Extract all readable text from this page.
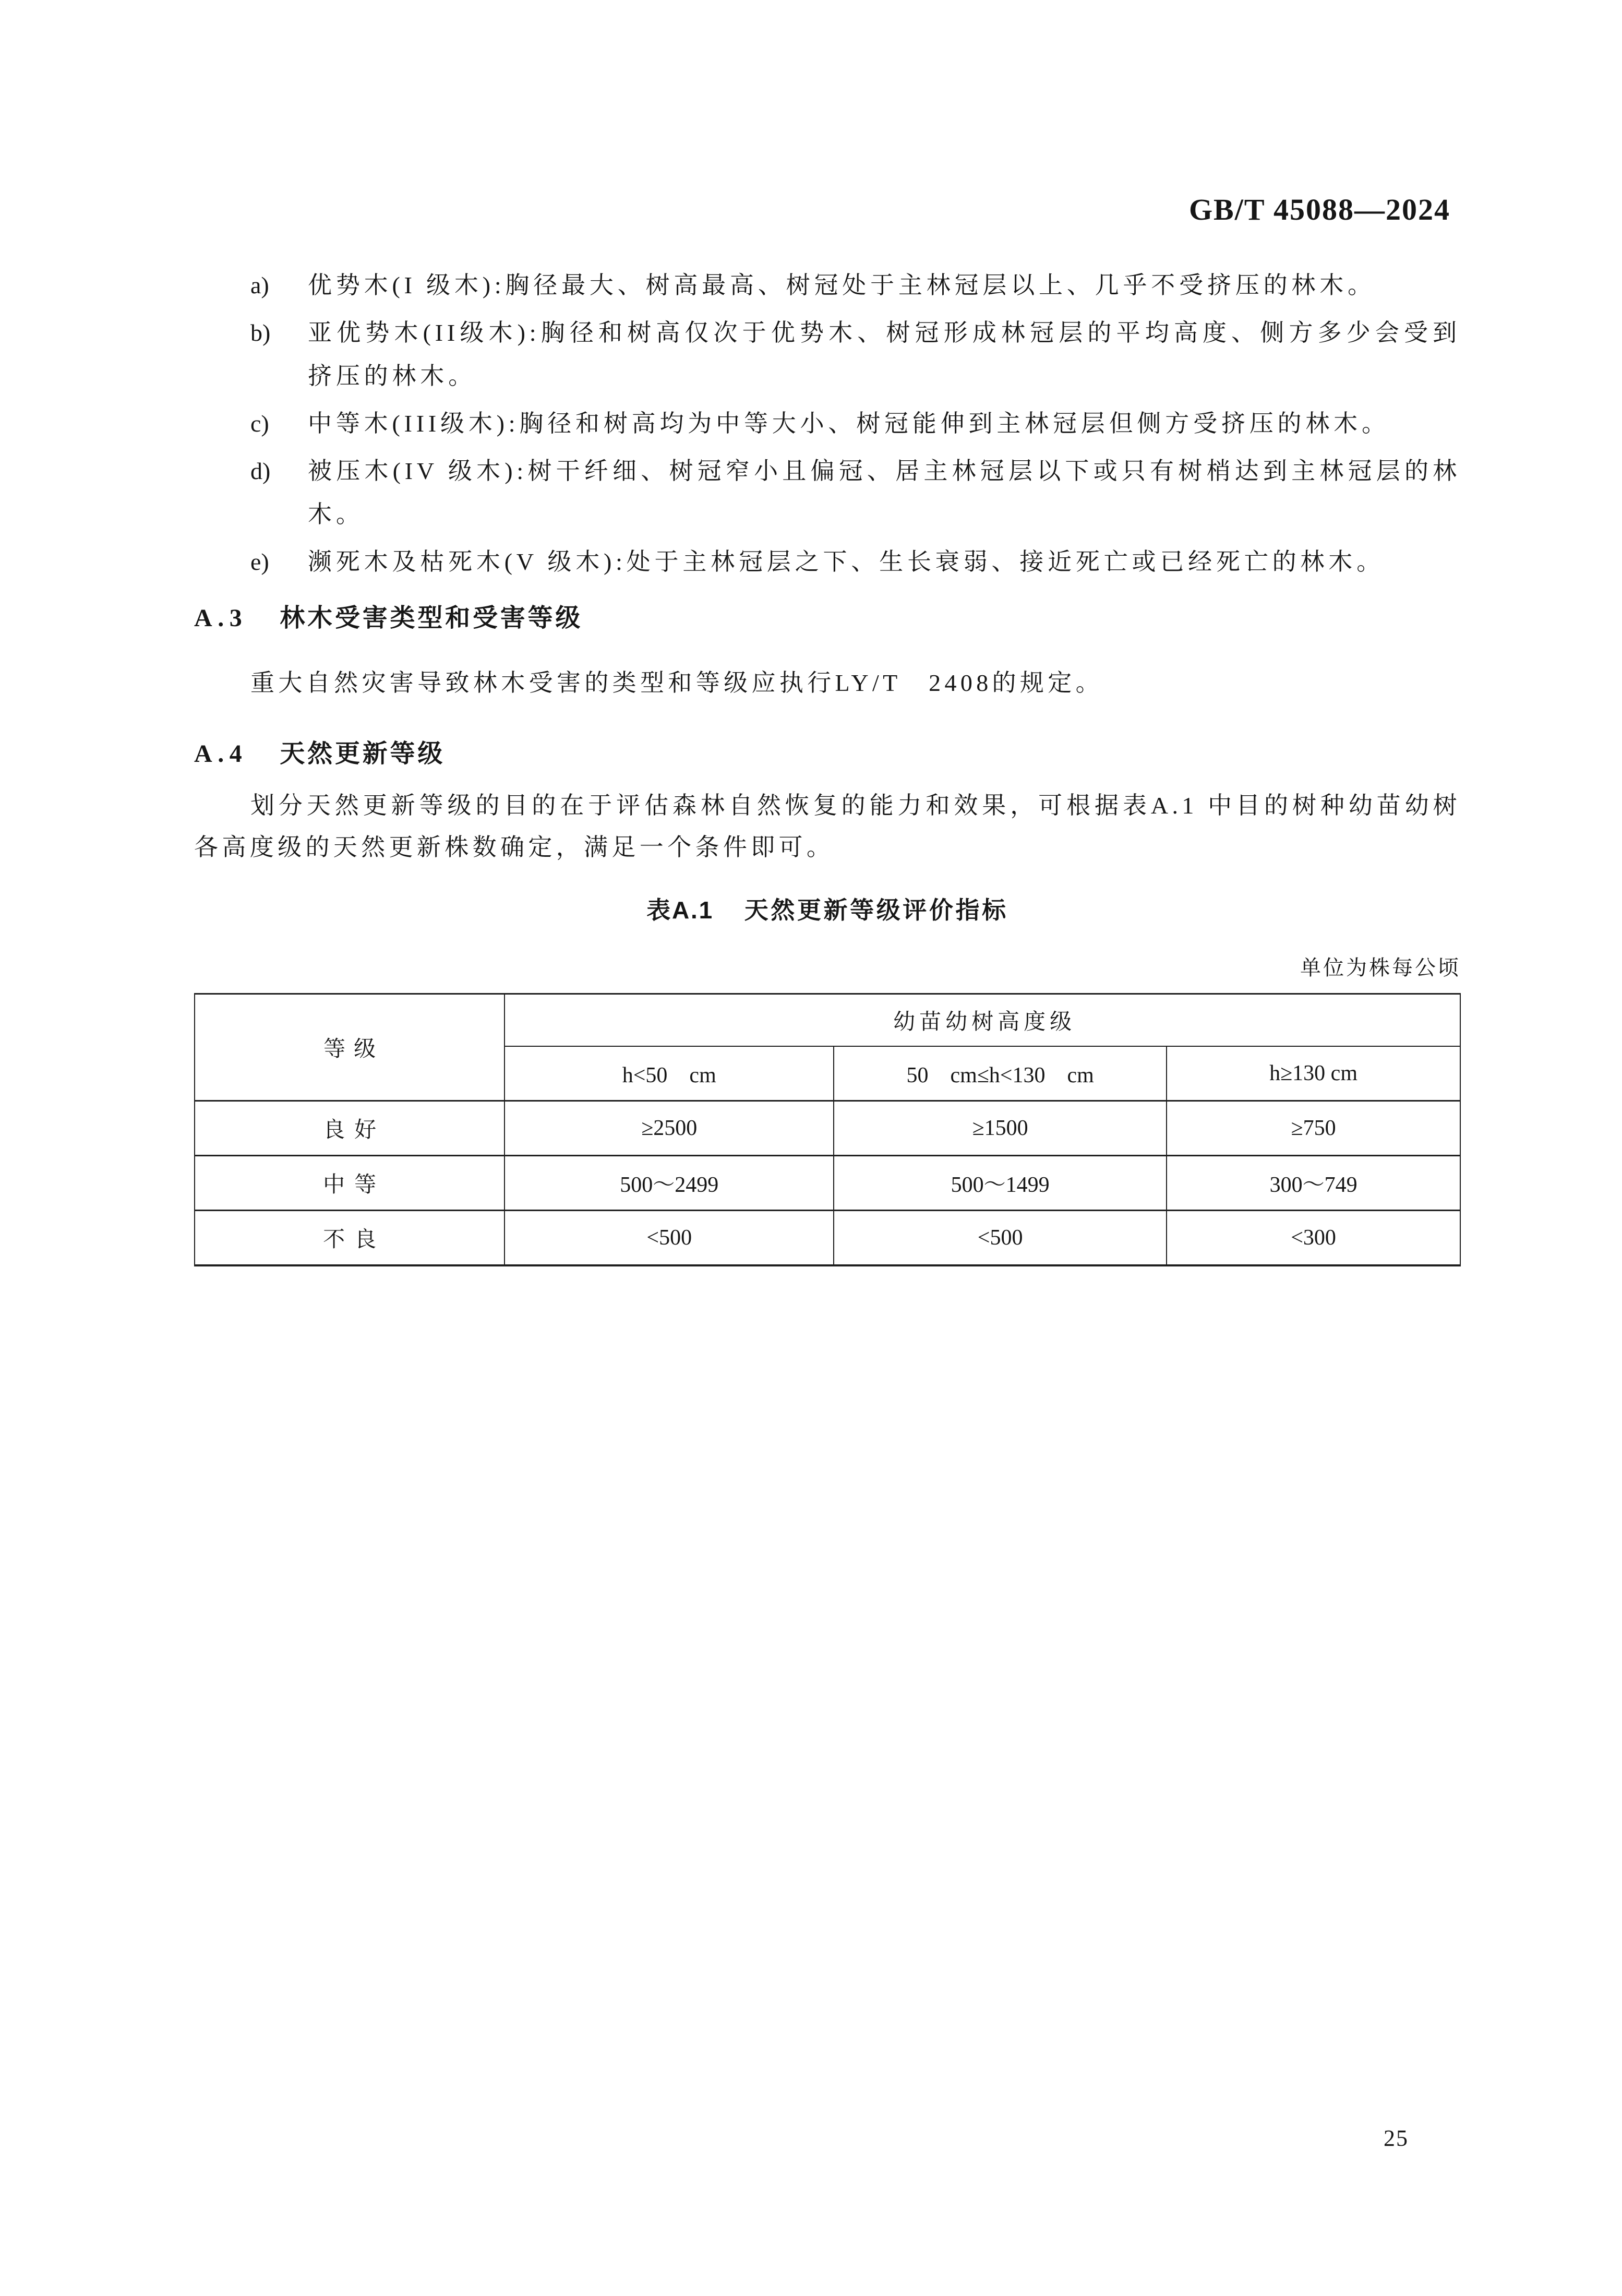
GB/T 45088—2024
a)	优势木(I 级木):胸径最大、树高最高、树冠处于主林冠层以上、几乎不受挤压的林木。
b)	亚优势木(II级木):胸径和树高仅次于优势木、树冠形成林冠层的平均高度、侧方多少会受到挤压的林木。
c)	中等木(III级木):胸径和树高均为中等大小、树冠能伸到主林冠层但侧方受挤压的林木。
d)	被压木(IV 级木):树干纤细、树冠窄小且偏冠、居主林冠层以下或只有树梢达到主林冠层的林木。
e)	濒死木及枯死木(V 级木):处于主林冠层之下、生长衰弱、接近死亡或已经死亡的林木。
A.3 林木受害类型和受害等级

重大自然灾害导致林木受害的类型和等级应执行LY/T　2408的规定。

A.4 天然更新等级

划分天然更新等级的目的在于评估森林自然恢复的能力和效果，可根据表A.1 中目的树种幼苗幼树各高度级的天然更新株数确定，满足一个条件即可。

表A.1 天然更新等级评价指标
单位为株每公顷
等级	幼苗幼树高度级		
	h<50　cm	50　cm≤h<130　cm	h≥130 cm
良好	≥2500	≥1500	≥750
中等	500～2499	500～1499	300～749
不良	<500	<500	<300
25
